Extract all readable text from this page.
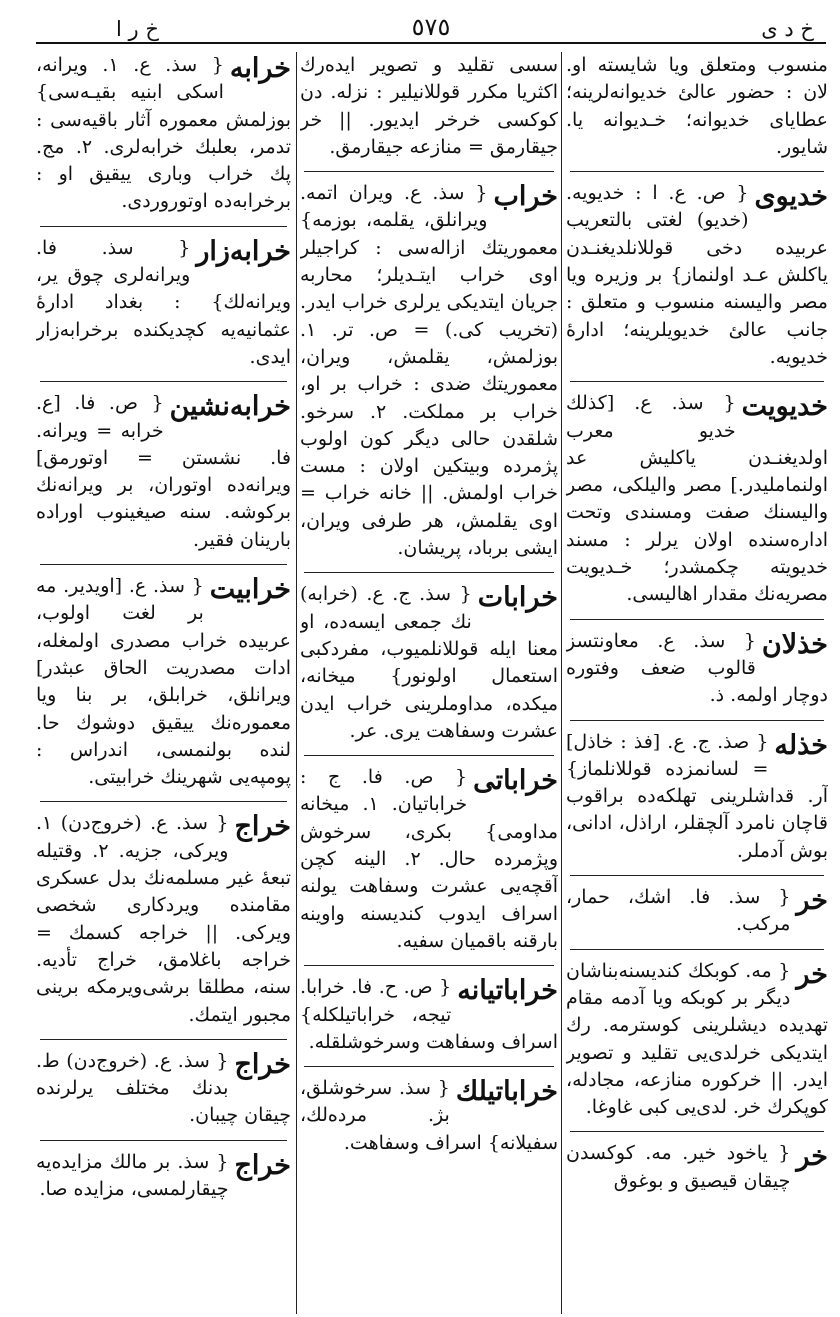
خ د ى
٥٧٥
خ ر ا

منسوب ومتعلق ويا شايسته او. لان : حضور عالئ خديوانه‌لرينه؛ عطاياى خديوانه؛ خـديوانه يا. شايور.

خديوى

{ ص. ع. ا : خديويه. (خديو) لغتى بالتعريب عربيده دخى قوللانلديغنـدن ياكلش عـد اولنماز} بر وزيره ويا مصر واليسنه منسوب و متعلق : جانب عالئ خديويلرينه؛ ادارهٔ خديويه.

خديويت

{ سذ. ع. [كذلك خديو معرب اولديغنـدن ياكليش عد اولنماملیدر.] مصر واليلكى، مصر واليسنك صفت ومسندى وتحت اداره‌سنده اولان يرلر : مسند خديويته چكمشدر؛ خـديويت مصريه‌نك مقدار اهاليسى.

خذلان

{ سذ. ع. معاونتسز قالوب ضعف وفتوره دوچار اولمه. ذ.

خذله

{ صذ. ج. ع. [فذ : خاذل] = لسانمزده قوللانلماز} آر. قداشلرينى تهلكه‌ده براقوب قاچان نامرد آلچقلر، اراذل، ادانى، بوش آدملر.

خر

{ سذ. فا. اشك، حمار، مركب.

خر

{ مه. كوبكك كنديسنه‌بناشان ديگر بر كوبكه ويا آدمه مقام تهديده ديشلرينى كوسترمه. رك ايتديكى خرلدى‌يى تقليد و تصوير ايدر. || خركوره منازعه، مجادله، كوپكرك خر. لدى‌يى كبى غاوغا.

خر

{ ياخود خير. مه. كوكسدن چيقان قيصيق و بوغوق

سسى تقليد و تصوير ايده‌رك اكثريا مكرر قوللانيلير : نزله. دن كوكسى خرخر ايديور. || خر جيقارمق = منازعه جيقارمق.

خراب

{ سذ. ع. ويران اتمه. ويرانلق، يقلمه، بوزمه} معموريتك ازاله‌سى : كراجيلر اوى خراب ايتـديلر؛ محاربه جريان ايتديكى يرلرى خراب ايدر. (تخريب كى.) = ص. تر. ١. بوزلمش، يقلمش، ويران، معموريتك ضدى : خراب بر او، خراب بر مملكت. ٢. سرخو. شلقدن حالى ديگر كون اولوب پژمرده وبيتكين اولان : مست خراب اولمش. || خانه خراب = اوى يقلمش، هر طرفى ويران، ايشى برباد، پريشان.

خرابات

{ سذ. ج. ع. (خرابه) نك جمعى ايسه‌ده، او معنا ايله قوللانلميوب، مفردكبى استعمال اولونور} ميخانه، ميكده، مداوملرينى خراب ايدن عشرت وسفاهت يرى. عر.

خراباتى

{ ص. فا. ج : خراباتيان. ١. ميخانه مداومى} بكرى، سرخوش وپژمرده حال. ٢. الينه كچن آقچه‌يى عشرت وسفاهت يولنه اسراف ايدوب كنديسنه واوينه بارقنه باقميان سفيه.

خراباتيانه

{ ص. ح. فا. خرابا. تيجه، خراباتيلكله} اسراف وسفاهت وسرخوشلقله.

خراباتيلك

{ سذ. سرخوشلق، بژ. مرده‌لك، سفيلانه} اسراف وسفاهت.

خرابه

{ سذ. ع. ١. ويرانه، اسكى ابنيه بقيـه‌سى} بوزلمش معموره آثار باقيه‌سى : تدمر، بعلبك خرابه‌لرى. ٢. مج. پك خراب وبارى ييقيق او : برخرابه‌ده اوتوروردى.

خرابه‌زار

{ سذ. فا. ويرانه‌لرى چوق ير، ويرانه‌لك} : بغداد ادارهٔ عثمانيه‌يه كچديكنده برخرابه‌زار ايدى.

خرابه‌نشين

{ ص. فا. [ع. خرابه = ويرانه. فا. نشستن = اوتورمق] ويرانه‌ده اوتوران، بر ويرانه‌نك بركوشه. سنه صيغينوب اوراده بارينان فقير.

خرابيت

{ سذ. ع. [اويدير. مه بر لغت اولوب، عربيده خراب مصدرى اولمغله، ادات مصدريت الحاق عبثدر] ويرانلق، خرابلق، بر بنا ويا معموره‌نك ييقيق دوشوك حا. لنده بولنمسى، اندراس : پومپه‌يى شهرينك خرابيتى.

خراج

{ سذ. ع. (خروج‌دن) ١. ويركى، جزيه. ٢. وقتيله تبعهٔ غير مسلمه‌نك بدل عسكرى مقامنده ويردكارى شخصى ويركى. || خراجه كسمك = خراجه باغلامق، خراج تأديه. سنه، مطلقا برشى‌ويرمكه برينى مجبور ايتمك.

خراج

{ سذ. ع. (خروج‌دن) ط. بدنك مختلف يرلرنده چيقان چيبان.

خراج

{ سذ. بر مالك مزايده‌يه چيقارلمسى، مزايده صا.
